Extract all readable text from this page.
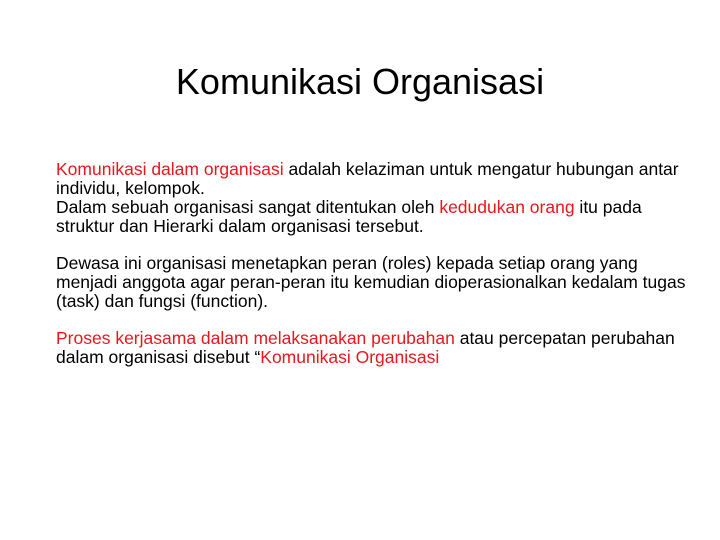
Komunikasi Organisasi

Komunikasi dalam organisasi adalah kelaziman untuk mengatur hubungan antar individu, kelompok.

Dalam sebuah organisasi sangat ditentukan oleh kedudukan orang itu pada struktur dan Hierarki dalam organisasi tersebut.

Dewasa ini organisasi menetapkan peran (roles) kepada setiap orang yang menjadi anggota agar peran-peran itu kemudian dioperasionalkan kedalam tugas (task) dan fungsi (function).

Proses kerjasama dalam melaksanakan perubahan atau percepatan perubahan dalam organisasi disebut “Komunikasi Organisasi
